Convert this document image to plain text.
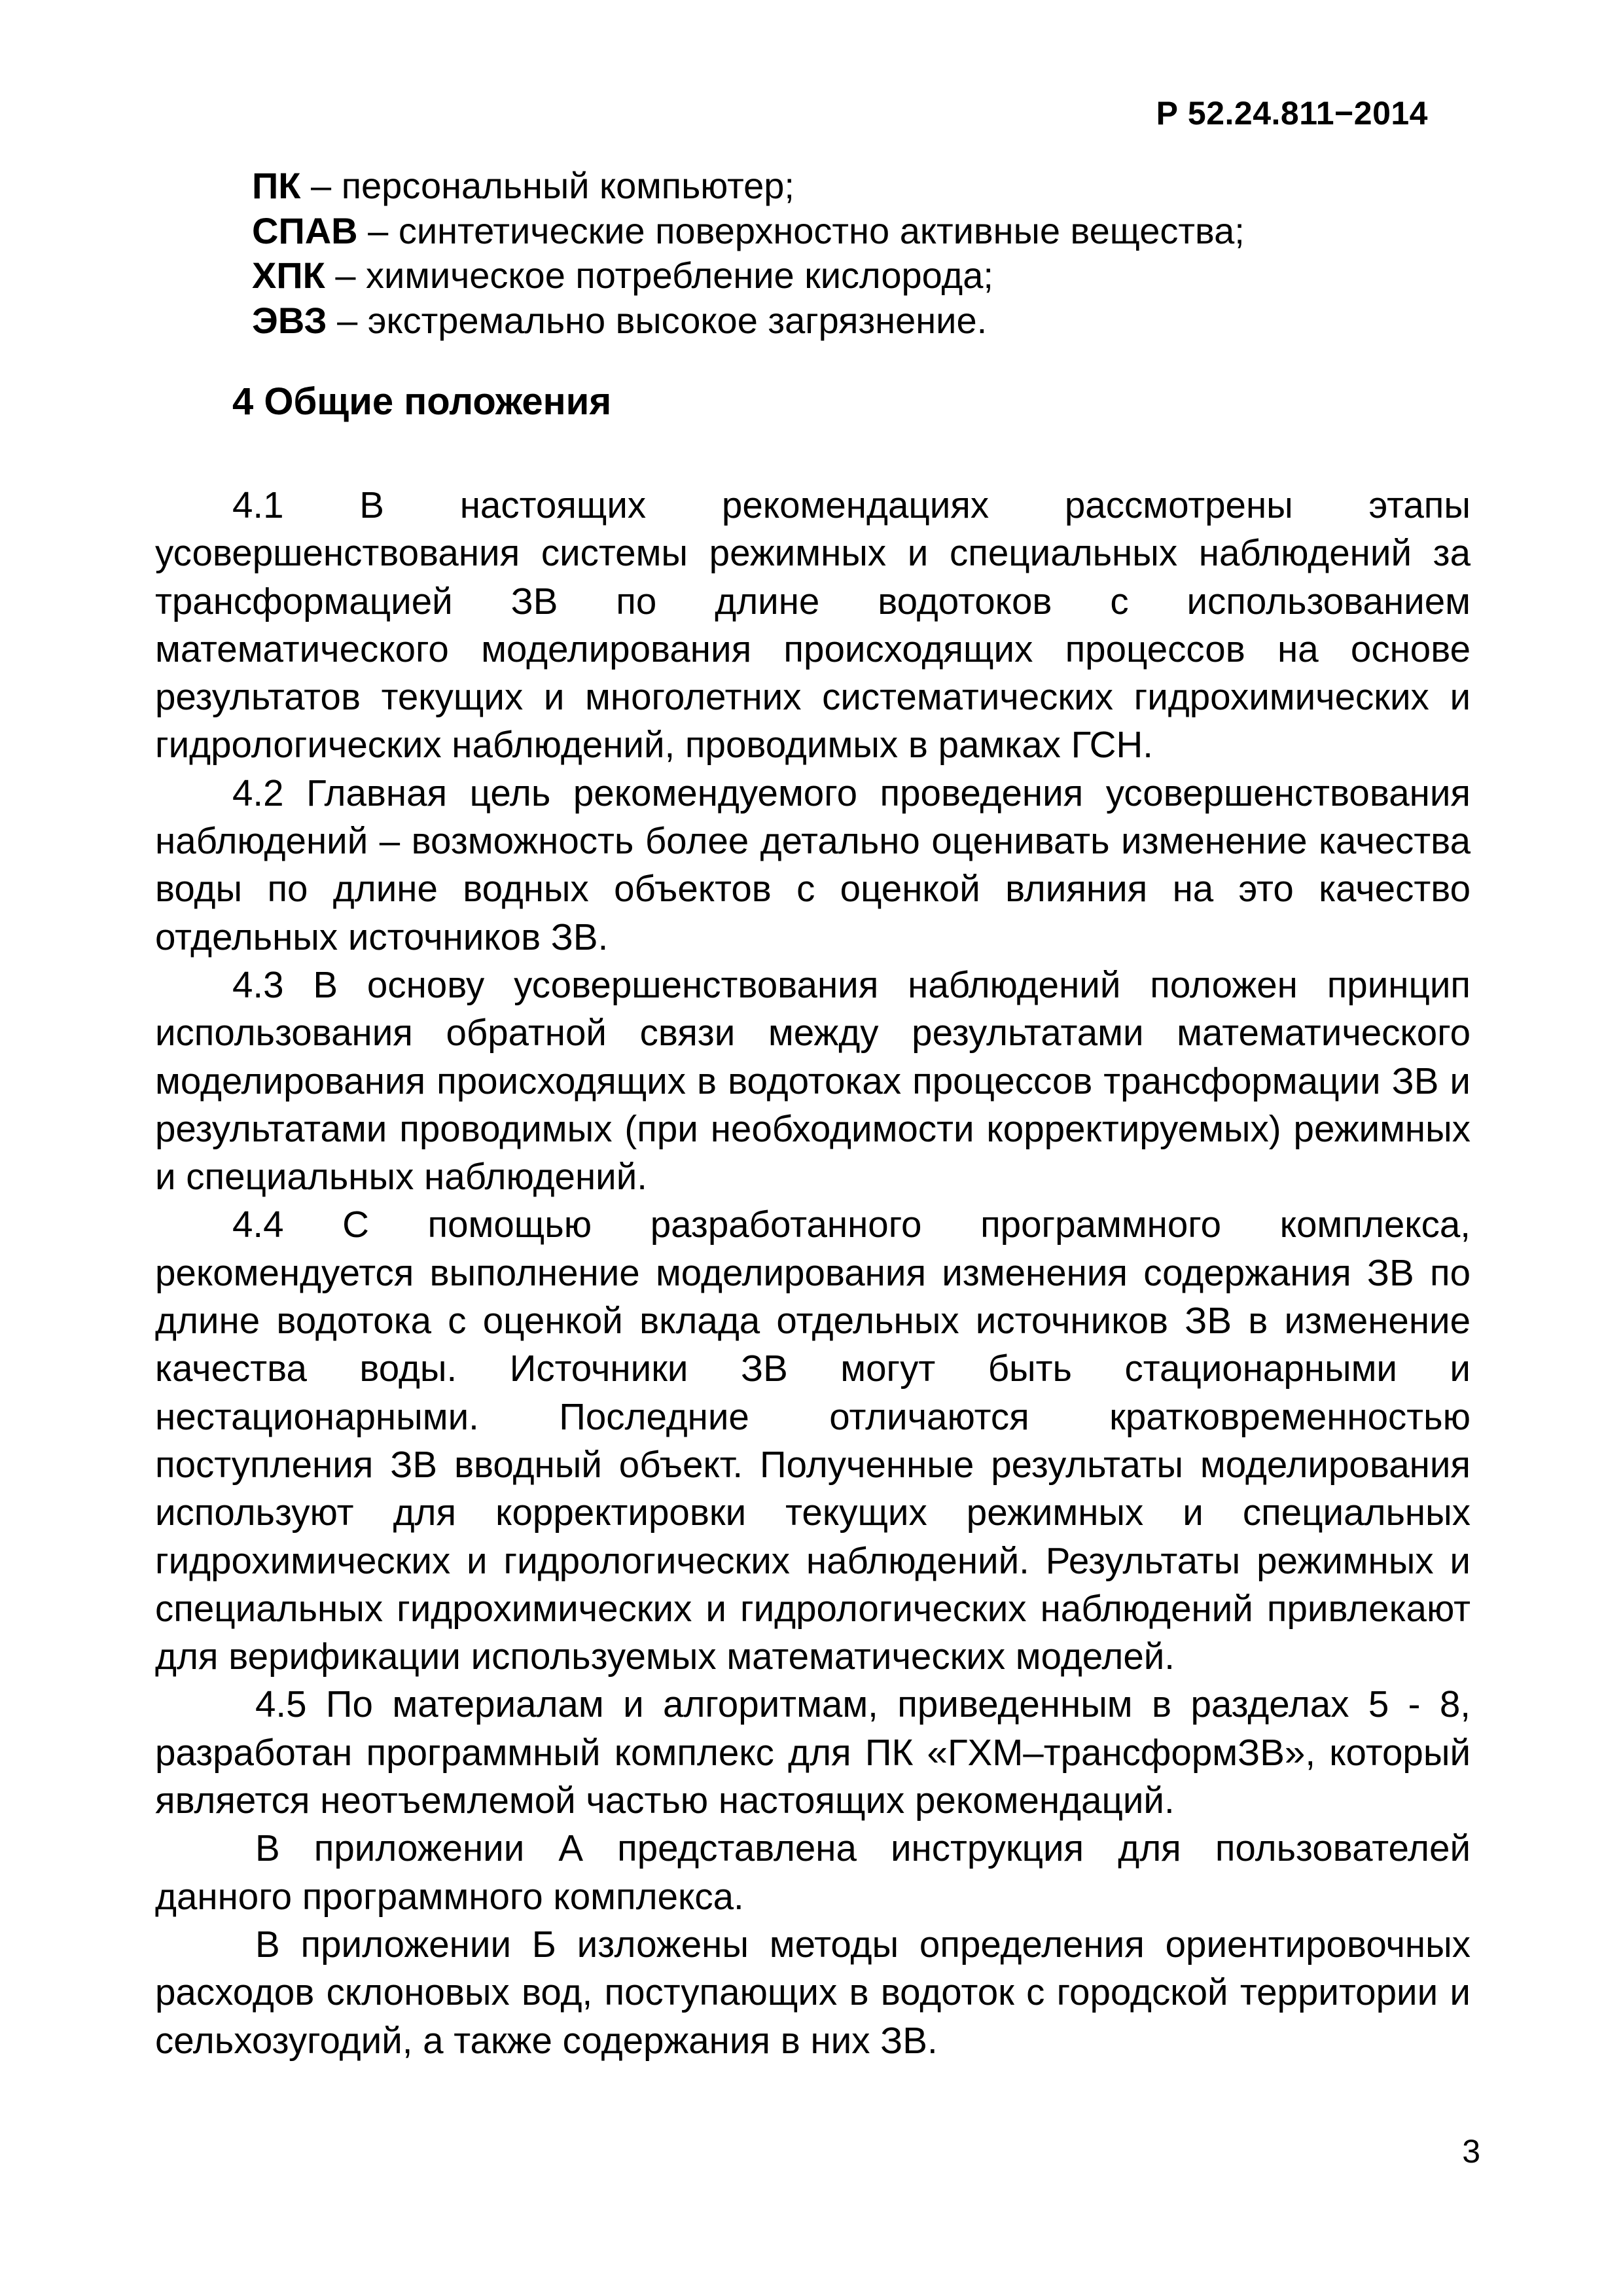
Р 52.24.811−2014
ПК – персональный компьютер;
СПАВ – синтетические поверхностно активные вещества;
ХПК – химическое потребление кислорода;
ЭВЗ – экстремально высокое загрязнение.
4 Общие положения

4.1 В настоящих рекомендациях рассмотрены этапы усовершенствования системы режимных и специальных наблюдений за трансформацией ЗВ по длине водотоков с использованием математического моделирования происходящих процессов на основе результатов текущих и многолетних систематических гидрохимических и гидрологических наблюдений, проводимых в рамках ГСН.

4.2 Главная цель рекомендуемого проведения усовершенствования наблюдений – возможность более детально оценивать изменение качества воды по длине водных объектов с оценкой влияния на это качество отдельных источников ЗВ.

4.3 В основу усовершенствования наблюдений положен принцип использования обратной связи между результатами математического моделирования происходящих в водотоках процессов трансформации ЗВ и результатами проводимых (при необходимости корректируемых) режимных и специальных наблюдений.

4.4 С помощью разработанного программного комплекса, рекомендуется выполнение моделирования изменения содержания ЗВ по длине водотока с оценкой вклада отдельных источников ЗВ в изменение качества воды. Источники ЗВ могут быть стационарными и нестационарными. Последние отличаются кратковременностью поступления ЗВ вводный объект. Полученные результаты моделирования используют для корректировки текущих режимных и специальных гидрохимических и гидрологических наблюдений. Результаты режимных и специальных гидрохимических и гидрологических наблюдений привлекают для верификации используемых математических моделей.

4.5 По материалам и алгоритмам, приведенным в разделах 5 - 8, разработан программный комплекс для ПК «ГХМ–трансформЗВ», который является неотъемлемой частью настоящих рекомендаций.

В приложении А представлена инструкция для пользователей данного программного комплекса.

В приложении Б изложены методы определения ориентировочных расходов склоновых вод, поступающих в водоток с городской территории и сельхозугодий, а также содержания в них ЗВ.

3
